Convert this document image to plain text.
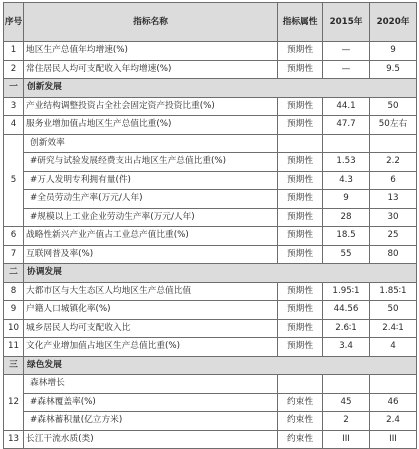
序号	指标名称	指标属性	2015年	2020年
1	地区生产总值年均增速(%)	预期性	—	9
2	常住居民人均可支配收入年均增速(%)	预期性	—	9.5
一	创新发展			
3	产业结构调整投资占全社会固定资产投资比重(%)	预期性	44.1	50
4	服务业增加值占地区生产总值比重(%)	预期性	47.7	50左右
5	创新效率			
	#研究与试验发展经费支出占地区生产总值比重(%)	预期性	1.53	2.2
	#万人发明专利拥有量(件)	预期性	4.3	6
	#全员劳动生产率(万元/人年)	预期性	9	13
	#规模以上工业企业劳动生产率(万元/人年)	预期性	28	30
6	战略性新兴产业产值占工业总产值比重(%)	预期性	18.5	25
7	互联网普及率(%)	预期性	55	80
二	协调发展			
8	大都市区与大生态区人均地区生产总值比值	预期性	1.95∶1	1.85∶1
9	户籍人口城镇化率(%)	预期性	44.56	50
10	城乡居民人均可支配收入比	预期性	2.6∶1	2.4∶1
11	文化产业增加值占地区生产总值比重(%)	预期性	3.4	4
三	绿色发展			
12	森林增长			
	#森林覆盖率(%)	约束性	45	46
	#森林蓄积量(亿立方米)	约束性	2	2.4
13	长江干流水质(类)	约束性	III	III
